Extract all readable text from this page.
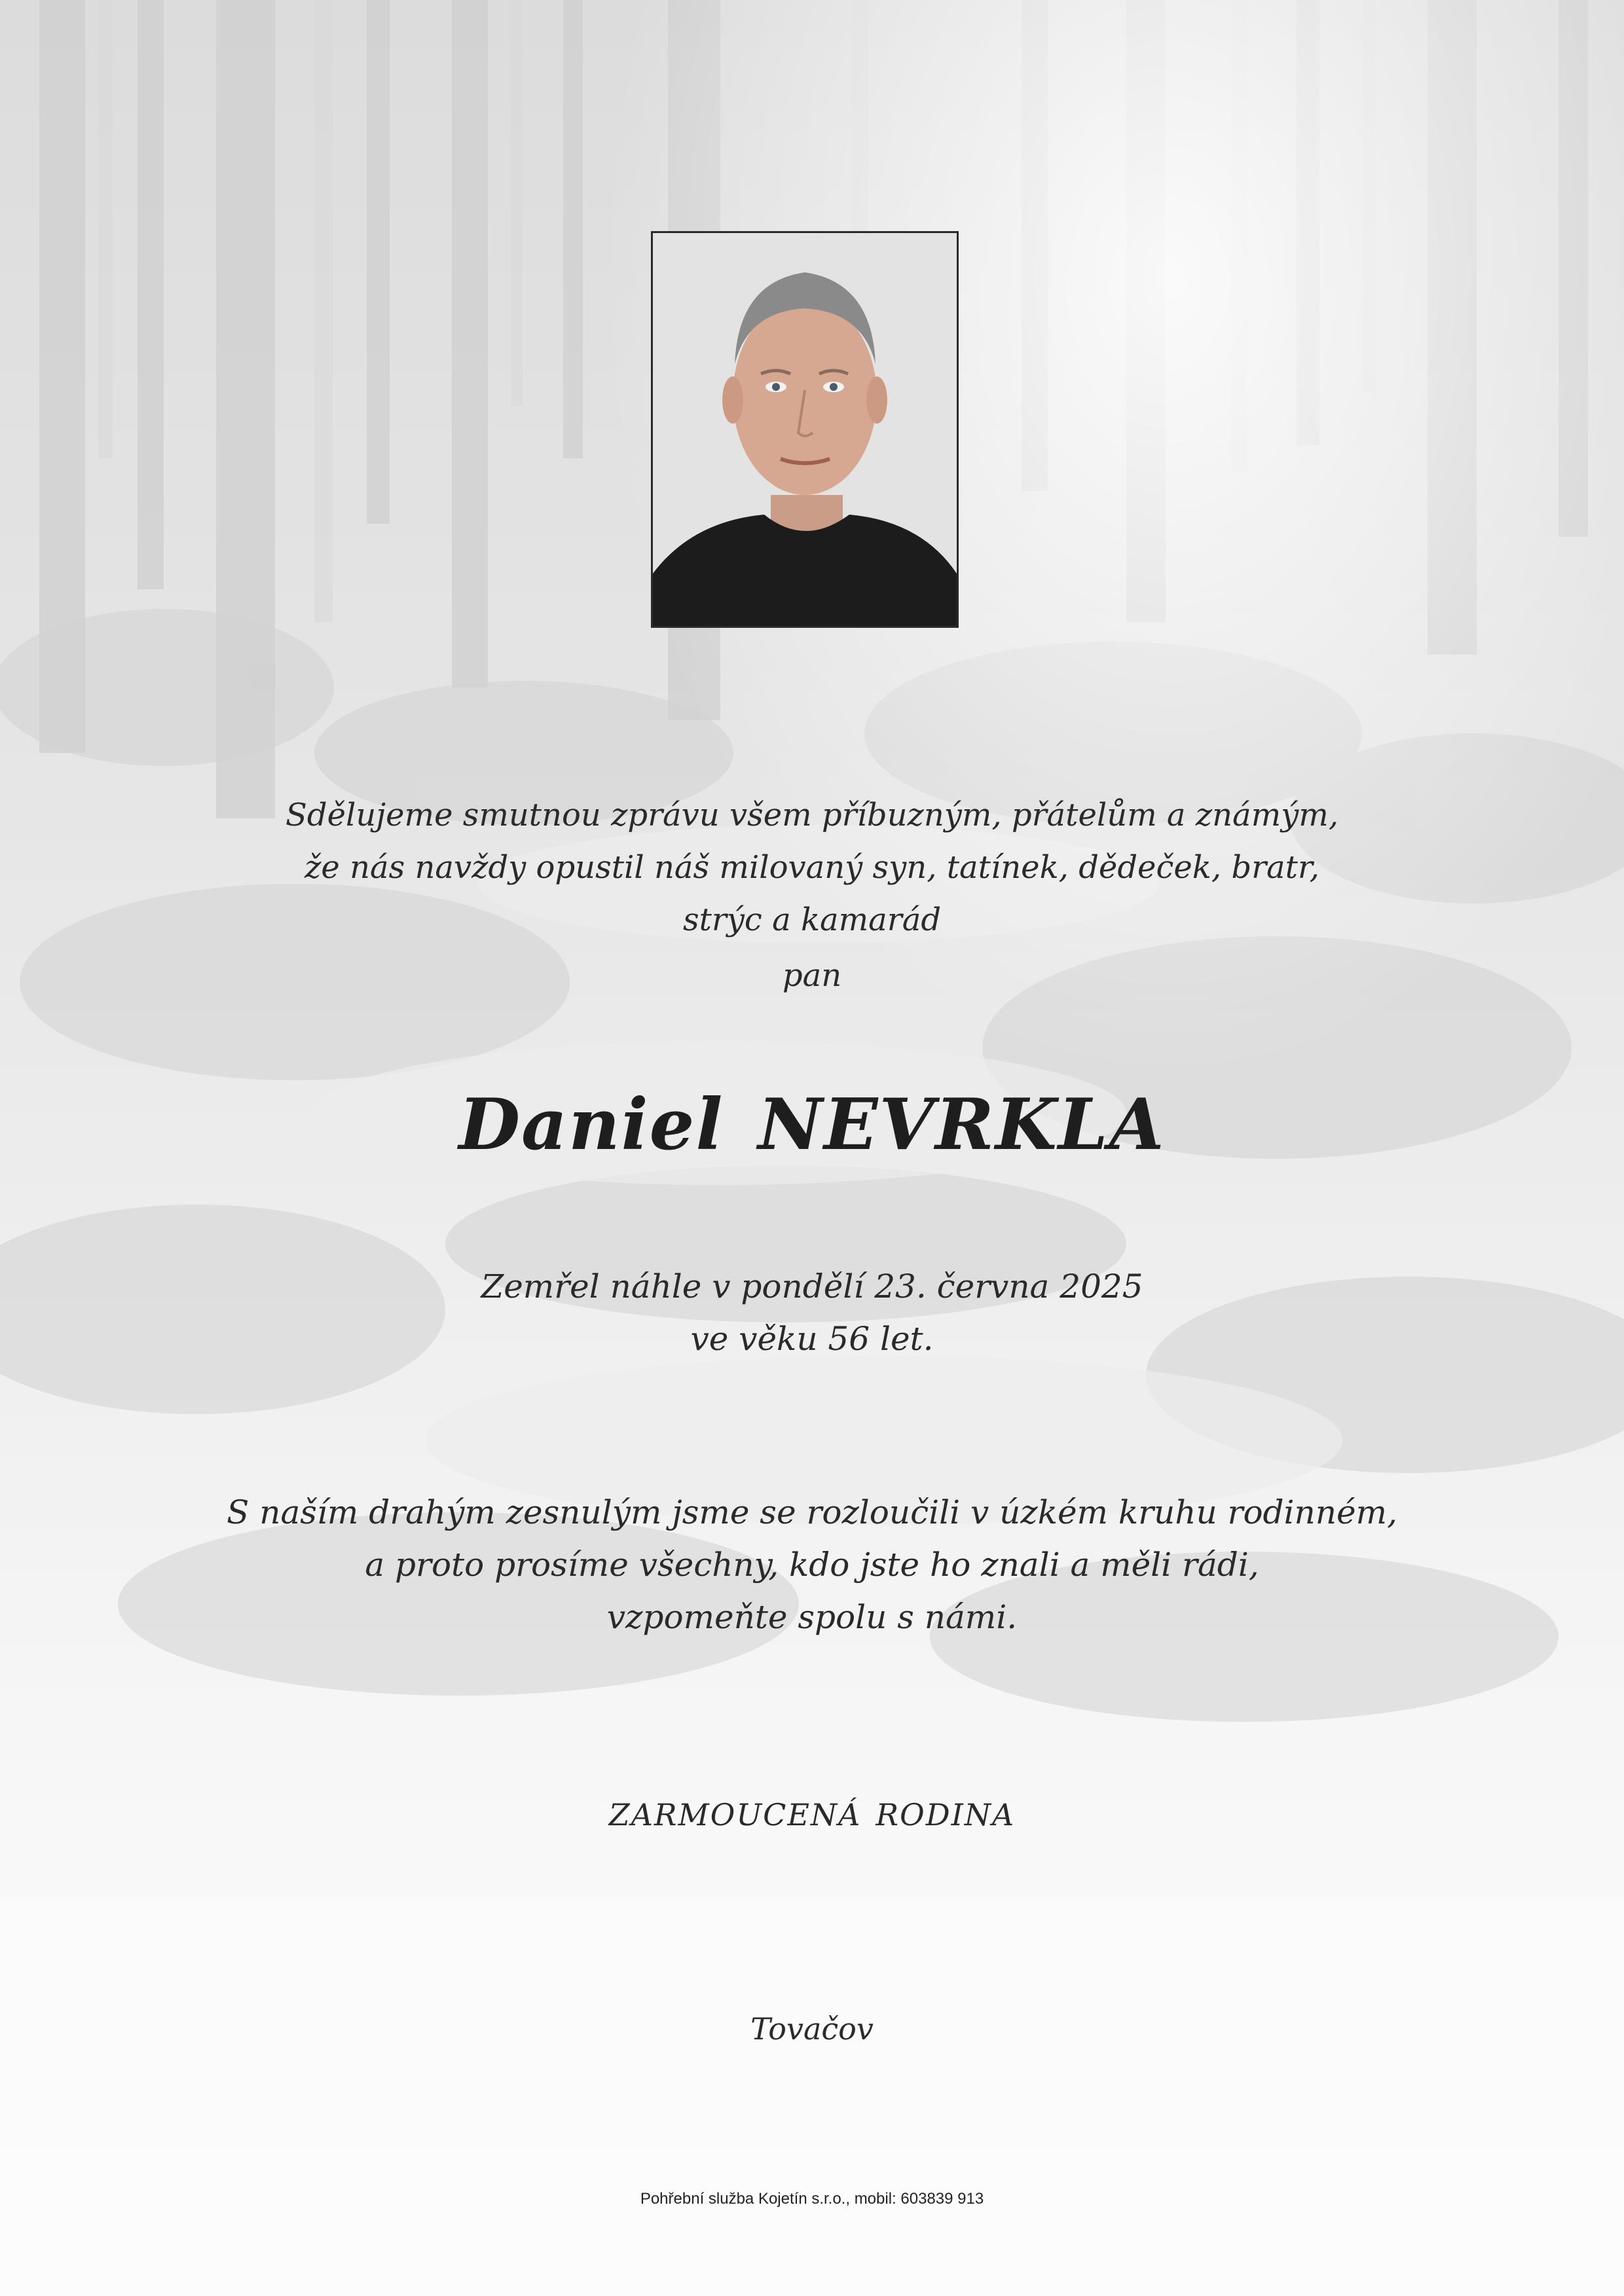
Sdělujeme smutnou zprávu všem příbuzným, přátelům a známým,

že nás navždy opustil náš milovaný syn, tatínek, dědeček, bratr,

strýc a kamarád

pan
Daniel NEVRKLA

Zemřel náhle v pondělí 23. června 2025

ve věku 56 let.

S naším drahým zesnulým jsme se rozloučili v úzkém kruhu rodinném,

a proto prosíme všechny, kdo jste ho znali a měli rádi,

vzpomeňte spolu s námi.

ZARMOUCENÁ RODINA
Tovačov
Pohřební služba Kojetín s.r.o., mobil: 603839 913
